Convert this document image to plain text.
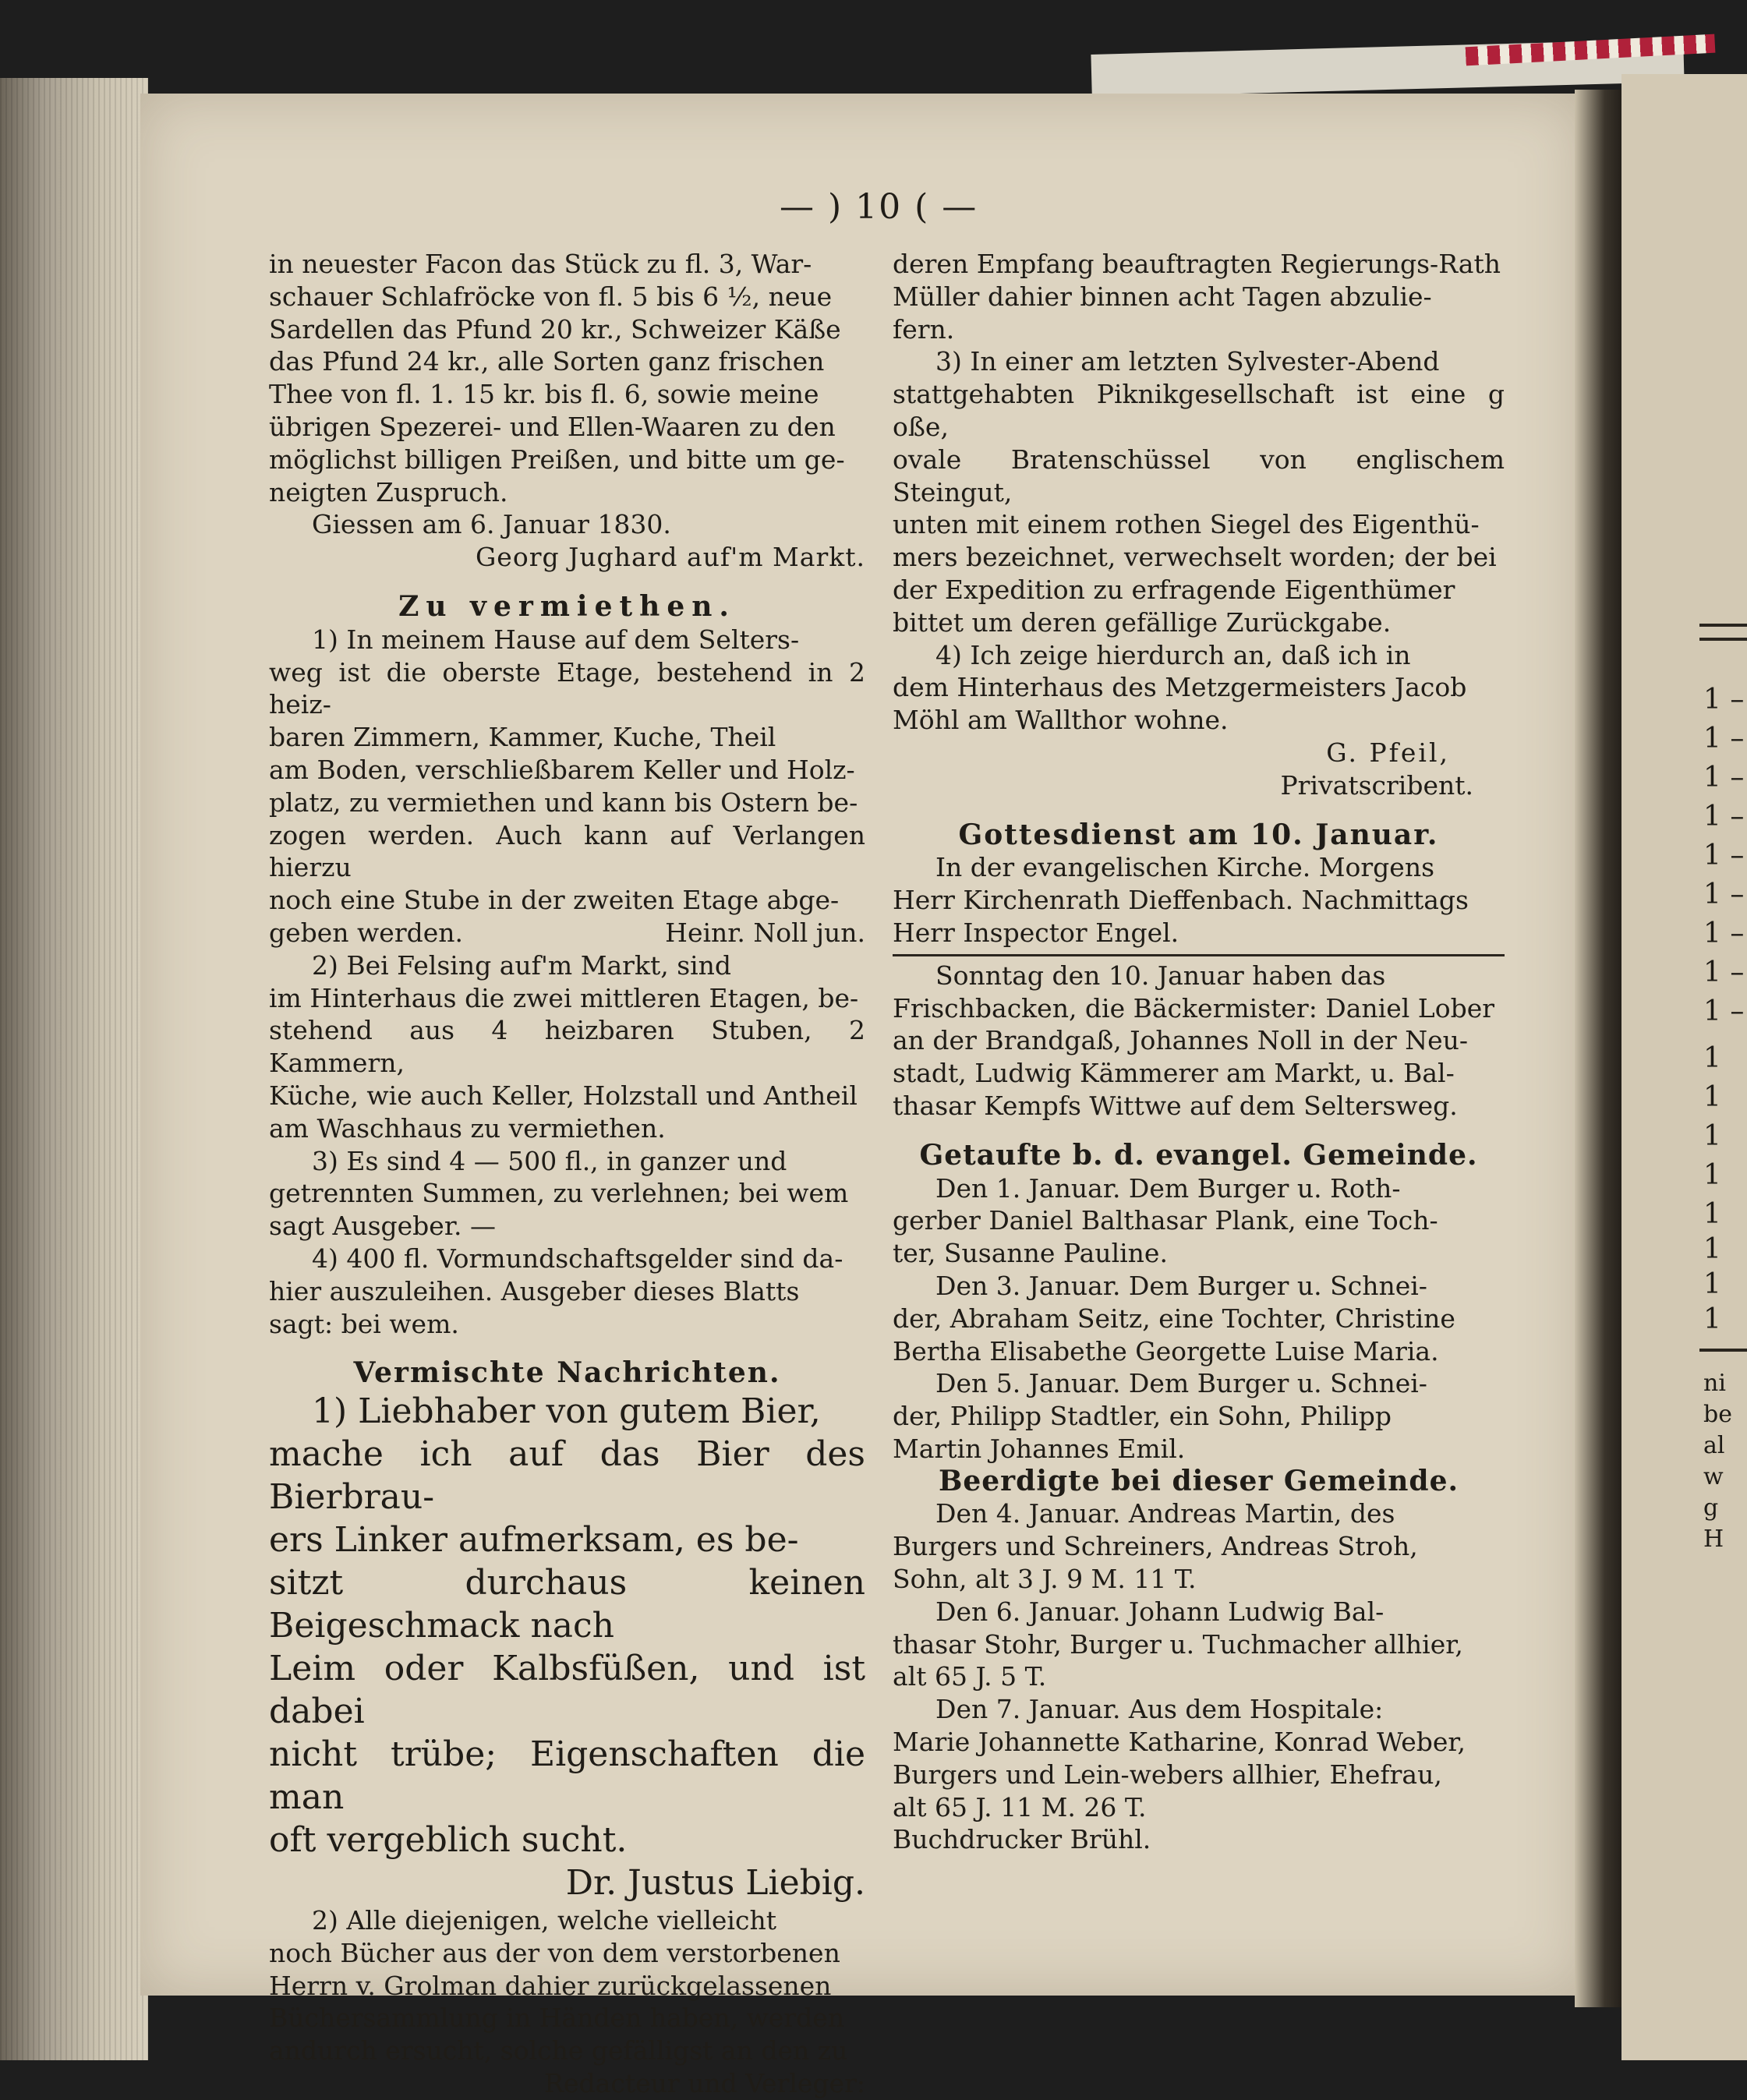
1 –
1 –
1 –
1 –
1 –
1 –
1 –
1 –
1 –
1
1
1
1
1
1
1
1
ni
be
al
w
g
H
— ) 10 ( —

in neuester Facon das Stück zu fl. 3, War-

schauer Schlafröcke von fl. 5 bis 6 ½, neue

Sardellen das Pfund 20 kr., Schweizer Käße

das Pfund 24 kr., alle Sorten ganz frischen

Thee von fl. 1. 15 kr. bis fl. 6, sowie meine

übrigen Spezerei- und Ellen-Waaren zu den

möglichst billigen Preißen, und bitte um ge-

neigten Zuspruch.

Giessen am 6. Januar 1830.

Georg Jughard auf'm Markt.

Zu vermiethen.

1) In meinem Hause auf dem Selters-

weg ist die oberste Etage, bestehend in 2 heiz-

baren Zimmern, Kammer, Kuche, Theil

am Boden, verschließbarem Keller und Holz-

platz, zu vermiethen und kann bis Ostern be-

zogen werden. Auch kann auf Verlangen hierzu

noch eine Stube in der zweiten Etage abge-

geben werden.	Heinr. Noll jun.

2) Bei Felsing auf'm Markt, sind

im Hinterhaus die zwei mittleren Etagen, be-

stehend aus 4 heizbaren Stuben, 2 Kammern,

Küche, wie auch Keller, Holzstall und Antheil

am Waschhaus zu vermiethen.

3) Es sind 4 — 500 fl., in ganzer und

getrennten Summen, zu verlehnen; bei wem

sagt Ausgeber. —

4) 400 fl. Vormundschaftsgelder sind da-

hier auszuleihen. Ausgeber dieses Blatts

sagt: bei wem.

Vermischte Nachrichten.

1) Liebhaber von gutem Bier,

mache ich auf das Bier des Bierbrau-

ers Linker aufmerksam, es be-

sitzt durchaus keinen Beigeschmack nach

Leim oder Kalbsfüßen, und ist dabei

nicht trübe; Eigenschaften die man

oft vergeblich sucht.

Dr. Justus Liebig.

2) Alle diejenigen, welche vielleicht

noch Bücher aus der von dem verstorbenen

Herrn v. Grolman dahier zurückgelassenen

Büchersammlung in Händen haben, werden

andurch ersucht, solche gefälligst an den zu

Redacteur und Verleger:

deren Empfang beauftragten Regierungs-Rath

Müller dahier binnen acht Tagen abzulie-

fern.

3) In einer am letzten Sylvester-Abend

stattgehabten Piknikgesellschaft ist eine g oße,

ovale Bratenschüssel von englischem Steingut,

unten mit einem rothen Siegel des Eigenthü-

mers bezeichnet, verwechselt worden; der bei

der Expedition zu erfragende Eigenthümer

bittet um deren gefällige Zurückgabe.

4) Ich zeige hierdurch an, daß ich in

dem Hinterhaus des Metzgermeisters Jacob

Möhl am Wallthor wohne.

G. Pfeil,

Privatscribent.

Gottesdienst am 10. Januar.

In der evangelischen Kirche. Morgens

Herr Kirchenrath Dieffenbach. Nachmittags

Herr Inspector Engel.

Sonntag den 10. Januar haben das

Frischbacken, die Bäckermister: Daniel Lober

an der Brandgaß, Johannes Noll in der Neu-

stadt, Ludwig Kämmerer am Markt, u. Bal-

thasar Kempfs Wittwe auf dem Seltersweg.

Getaufte b. d. evangel. Gemeinde.

Den 1. Januar. Dem Burger u. Roth-

gerber Daniel Balthasar Plank, eine Toch-

ter, Susanne Pauline.

Den 3. Januar. Dem Burger u. Schnei-

der, Abraham Seitz, eine Tochter, Christine

Bertha Elisabethe Georgette Luise Maria.

Den 5. Januar. Dem Burger u. Schnei-

der, Philipp Stadtler, ein Sohn, Philipp

Martin Johannes Emil.

Beerdigte bei dieser Gemeinde.

Den 4. Januar. Andreas Martin, des

Burgers und Schreiners, Andreas Stroh,

Sohn, alt 3 J. 9 M. 11 T.

Den 6. Januar. Johann Ludwig Bal-

thasar Stohr, Burger u. Tuchmacher allhier,

alt 65 J. 5 T.

Den 7. Januar. Aus dem Hospitale:

Marie Johannette Katharine, Konrad Weber,

Burgers und Lein-webers allhier, Ehefrau,

alt 65 J. 11 M. 26 T.

Buchdrucker Brühl.
